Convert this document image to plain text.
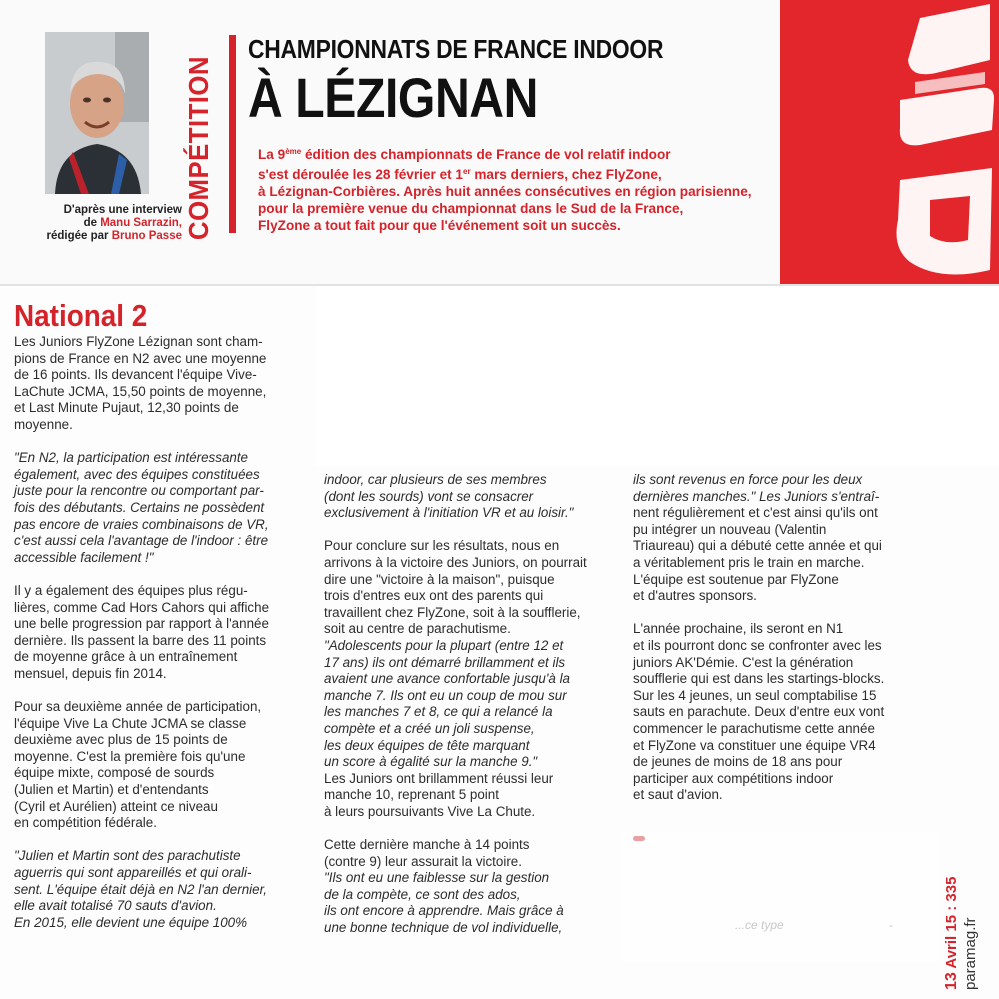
D'après une interview
de Manu Sarrazin,
rédigée par Bruno Passe COMPÉTITION
CHAMPIONNATS DE FRANCE INDOOR
À LÉZIGNAN

La 9ème édition des championnats de France de vol relatif indoor

s'est déroulée les 28 février et 1er mars derniers, chez FlyZone,

à Lézignan-Corbières. Après huit années consécutives en région parisienne,

pour la première venue du championnat dans le Sud de la France,

FlyZone a tout fait pour que l'événement soit un succès.

National 2

Les Juniors FlyZone Lézignan sont cham-

pions de France en N2 avec une moyenne

de 16 points. Ils devancent l'équipe Vive-

LaChute JCMA, 15,50 points de moyenne,

et Last Minute Pujaut, 12,30 points de

moyenne.

"En N2, la participation est intéressante

également, avec des équipes constituées

juste pour la rencontre ou comportant par-

fois des débutants. Certains ne possèdent

pas encore de vraies combinaisons de VR,

c'est aussi cela l'avantage de l'indoor : être

accessible facilement !"

Il y a également des équipes plus régu-

lières, comme Cad Hors Cahors qui affiche

une belle progression par rapport à l'année

dernière. Ils passent la barre des 11 points

de moyenne grâce à un entraînement

mensuel, depuis fin 2014.

Pour sa deuxième année de participation,

l'équipe Vive La Chute JCMA se classe

deuxième avec plus de 15 points de

moyenne. C'est la première fois qu'une

équipe mixte, composé de sourds

(Julien et Martin) et d'entendants

(Cyril et Aurélien) atteint ce niveau

en compétition fédérale.

"Julien et Martin sont des parachutiste

aguerris qui sont appareillés et qui orali-

sent. L'équipe était déjà en N2 l'an dernier,

elle avait totalisé 70 sauts d'avion.

En 2015, elle devient une équipe 100%

indoor, car plusieurs de ses membres

(dont les sourds) vont se consacrer

exclusivement à l'initiation VR et au loisir."

Pour conclure sur les résultats, nous en

arrivons à la victoire des Juniors, on pourrait

dire une "victoire à la maison", puisque

trois d'entres eux ont des parents qui

travaillent chez FlyZone, soit à la soufflerie,

soit au centre de parachutisme.

"Adolescents pour la plupart (entre 12 et

17 ans) ils ont démarré brillamment et ils

avaient une avance confortable jusqu'à la

manche 7. Ils ont eu un coup de mou sur

les manches 7 et 8, ce qui a relancé la

compète et a créé un joli suspense,

les deux équipes de tête marquant

un score à égalité sur la manche 9."

Les Juniors ont brillamment réussi leur

manche 10, reprenant 5 point

à leurs poursuivants Vive La Chute.

Cette dernière manche à 14 points

(contre 9) leur assurait la victoire.

"Ils ont eu une faiblesse sur la gestion

de la compète, ce sont des ados,

ils ont encore à apprendre. Mais grâce à

une bonne technique de vol individuelle,

ils sont revenus en force pour les deux

dernières manches." Les Juniors s'entraî-

nent régulièrement et c'est ainsi qu'ils ont

pu intégrer un nouveau (Valentin

Triaureau) qui a débuté cette année et qui

a véritablement pris le train en marche.

L'équipe est soutenue par FlyZone

et d'autres sponsors.

L'année prochaine, ils seront en N1

et ils pourront donc se confronter avec les

juniors AK'Démie. C'est la génération

soufflerie qui est dans les startings-blocks.

Sur les 4 jeunes, un seul comptabilise 15

sauts en parachute. Deux d'entre eux vont

commencer le parachutisme cette année

et FlyZone va constituer une équipe VR4

de jeunes de moins de 18 ans pour

participer aux compétitions indoor

et saut d'avion.

...ce type	-
13 Avril 15 : 335 paramag.fr
